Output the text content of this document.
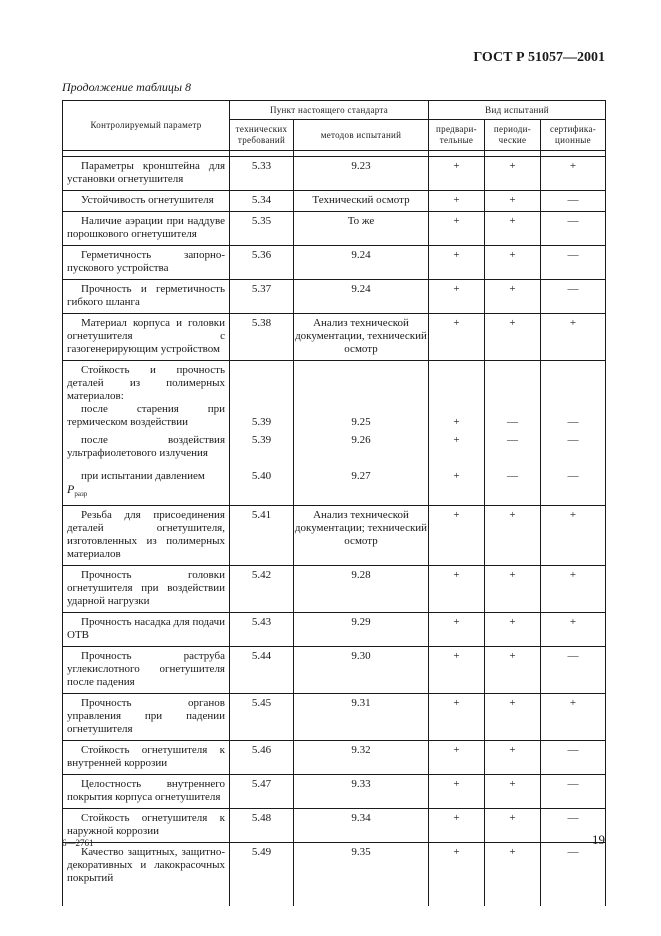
ГОСТ Р 51057—2001
Продолжение таблицы 8
Контролируемый параметр	Пункт настоящего стандарта		Вид испытаний		
	технических требований	методов испытаний	предвари-тельные	периоди-ческие	сертифика-ционные

Параметры кронштейна для установки огнетушителя	5.33	9.23	+	+	+

Устойчивость огнетушителя	5.34	Технический осмотр	+	+	—

Наличие аэрации при наддуве порошкового огнетушителя	5.35	То же	+	+	—

Герметичность запорно-пускового устройства	5.36	9.24	+	+	—

Прочность и герметичность гибкого шланга	5.37	9.24	+	+	—

Материал корпуса и головки огнетушителя с газогенерирующим устройством	5.38	Анализ технической документации, технический осмотр	+	+	+

Стойкость и прочность деталей из полимерных материалов:					

после старения при термическом воздействии	5.39	9.25	+	—	—

после воздействия ультрафиолетового излучения	5.39	9.26	+	—	—

при испытании давлением
$P_{разр}$	5.40	9.27	+	—	—

Резьба для присоединения деталей огнетушителя, изготовленных из полимерных материалов	5.41	Анализ технической документации; технический осмотр	+	+	+

Прочность головки огнетушителя при воздействии ударной нагрузки	5.42	9.28	+	+	+

Прочность насадка для подачи ОТВ	5.43	9.29	+	+	+

Прочность раструба углекислотного огнетушителя после падения	5.44	9.30	+	+	—

Прочность органов управления при падении огнетушителя	5.45	9.31	+	+	+

Стойкость огнетушителя к внутренней коррозии	5.46	9.32	+	+	—

Целостность внутреннего покрытия корпуса огнетушителя	5.47	9.33	+	+	—

Стойкость огнетушителя к наружной коррозии	5.48	9.34	+	+	—

Качество защитных, защитно-декоративных и лакокрасочных покрытий	5.49	9.35	+	+	—
6—2761	19
